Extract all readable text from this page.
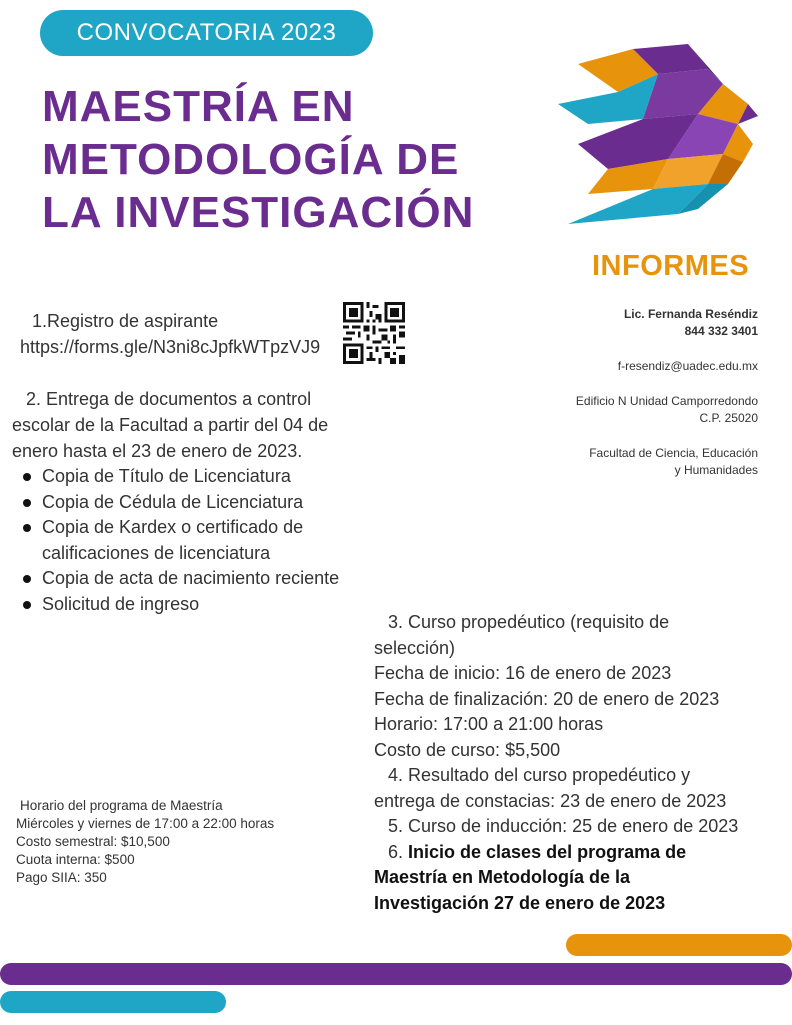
CONVOCATORIA 2023
MAESTRÍA EN
METODOLOGÍA DE
LA INVESTIGACIÓN
INFORMES
Lic. Fernanda Reséndiz
844 332 3401
f-resendiz@uadec.edu.mx
Edificio N Unidad Camporredondo
C.P. 25020
Facultad de Ciencia, Educación
y Humanidades
1.Registro de aspirante
https://forms.gle/N3ni8cJpfkWTpzVJ9
2. Entrega de documentos a control
escolar de la Facultad a partir del 04 de
enero hasta el 23 de enero de 2023.
Copia de Título de Licenciatura
Copia de Cédula de Licenciatura
Copia de Kardex o certificado de calificaciones de licenciatura
Copia de acta de nacimiento reciente
Solicitud de ingreso
3. Curso propedéutico (requisito de
selección)
Fecha de inicio: 16 de enero de 2023
Fecha de finalización: 20 de enero de 2023
Horario: 17:00 a 21:00 horas
Costo de curso: $5,500
4. Resultado del curso propedéutico y
entrega de constacias: 23 de enero de 2023
5. Curso de inducción: 25 de enero de 2023
6. Inicio de clases del programa de
Maestría en Metodología de la
Investigación 27 de enero de 2023
Horario del programa de Maestría
Miércoles y viernes de 17:00 a 22:00 horas
Costo semestral: $10,500
Cuota interna: $500
Pago SIIA: 350
